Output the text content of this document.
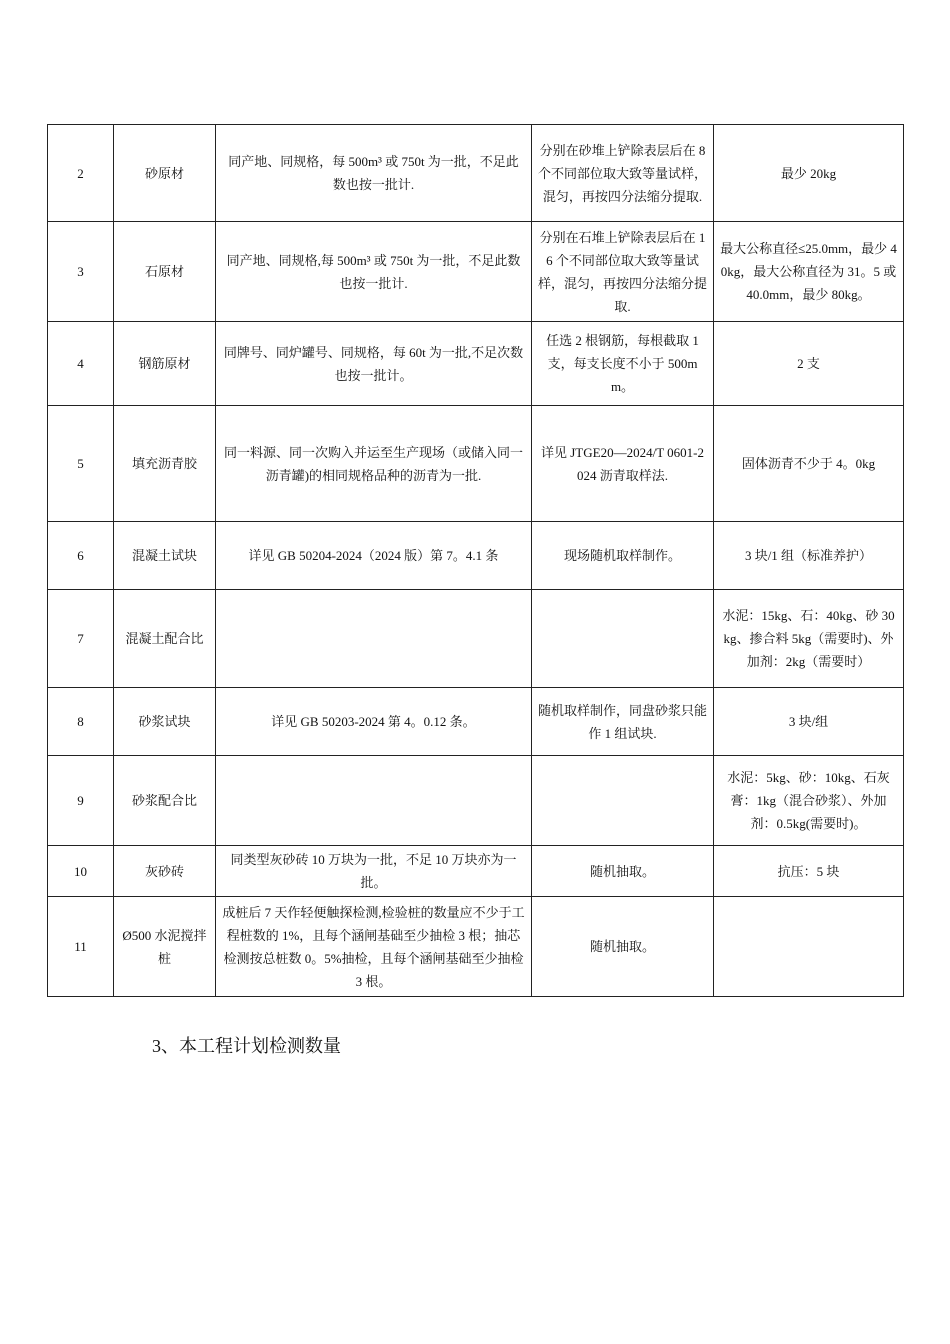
2	砂原材	同产地、同规格，每 500m³ 或 750t 为一批，不足此数也按一批计.	分别在砂堆上铲除表层后在 8 个不同部位取大致等量试样，混匀，再按四分法缩分提取.	最少 20kg
3	石原材	同产地、同规格,每 500m³ 或 750t 为一批，不足此数也按一批计.	分别在石堆上铲除表层后在 16 个不同部位取大致等量试样，混匀，再按四分法缩分提取.	最大公称直径≤25.0mm，最少 40kg，最大公称直径为 31。5 或 40.0mm，最少 80kg。
4	钢筋原材	同牌号、同炉罐号、同规格，每 60t 为一批,不足次数也按一批计。	任选 2 根钢筋，每根截取 1 支，每支长度不小于 500mm。	2 支
5	填充沥青胶	同一料源、同一次购入并运至生产现场（或储入同一沥青罐)的相同规格品种的沥青为一批.	详见 JTGE20—2024/T 0601-2024 沥青取样法.	固体沥青不少于 4。0kg
6	混凝土试块	详见 GB 50204-2024（2024 版）第 7。4.1 条	现场随机取样制作。	3 块/1 组（标准养护）
7	混凝土配合比			水泥：15kg、石：40kg、砂 30kg、掺合料 5kg（需要时)、外加剂：2kg（需要时）
8	砂浆试块	详见 GB 50203-2024 第 4。0.12 条。	随机取样制作，同盘砂浆只能作 1 组试块.	3 块/组
9	砂浆配合比			水泥：5kg、砂：10kg、石灰膏：1kg（混合砂浆）、外加剂：0.5kg(需要时)。
10	灰砂砖	同类型灰砂砖 10 万块为一批，不足 10 万块亦为一批。	随机抽取。	抗压：5 块
11	Ø500 水泥搅拌桩	成桩后 7 天作轻便触探检测,检验桩的数量应不少于工程桩数的 1%，且每个涵闸基础至少抽检 3 根；抽芯检测按总桩数 0。5%抽检，且每个涵闸基础至少抽检 3 根。	随机抽取。	
3、本工程计划检测数量
